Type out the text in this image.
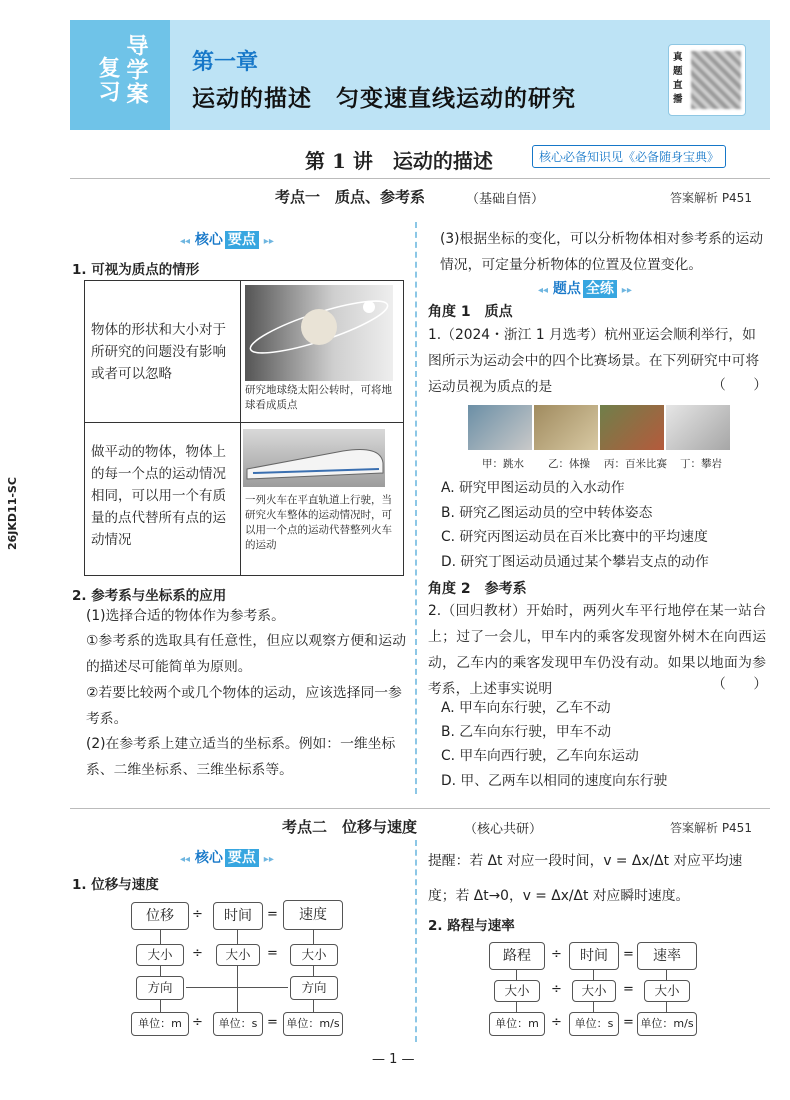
导学案
复习
第一章
运动的描述　匀变速直线运动的研究
真题直播
26JKD11-SC
第 1 讲　运动的描述	核心必备知识见《必备随身宝典》
考点一　质点、参考系	（基础自悟）	答案解析 P451
◂◂ 核心 要点 ▸▸
1. 可视为质点的情形
物体的形状和大小对于所研究的问题没有影响或者可以忽略
研究地球绕太阳公转时，可将地球看成质点
做平动的物体，物体上的每一个点的运动情况相同，可以用一个有质量的点代替所有点的运动情况
一列火车在平直轨道上行驶，当研究火车整体的运动情况时，可以用一个点的运动代替整列火车的运动
2. 参考系与坐标系的应用
(1)选择合适的物体作为参考系。
①参考系的选取具有任意性，但应以观察方便和运动的描述尽可能简单为原则。
②若要比较两个或几个物体的运动，应该选择同一参考系。
(2)在参考系上建立适当的坐标系。例如：一维坐标系、二维坐标系、三维坐标系等。
(3)根据坐标的变化，可以分析物体相对参考系的运动情况，可定量分析物体的位置及位置变化。
◂◂ 题点 全练 ▸▸
角度 1　质点
1.（2024・浙江 1 月选考）杭州亚运会顺利举行，如图所示为运动会中的四个比赛场景。在下列研究中可将运动员视为质点的是	（　　）
甲：跳水 乙：体操 丙：百米比赛 丁：攀岩
A. 研究甲图运动员的入水动作
B. 研究乙图运动员的空中转体姿态
C. 研究丙图运动员在百米比赛中的平均速度
D. 研究丁图运动员通过某个攀岩支点的动作
角度 2　参考系
2.（回归教材）开始时，两列火车平行地停在某一站台上；过了一会儿，甲车内的乘客发现窗外树木在向西运动，乙车内的乘客发现甲车仍没有动。如果以地面为参考系，上述事实说明	（　　）
A. 甲车向东行驶，乙车不动
B. 乙车向东行驶，甲车不动
C. 甲车向西行驶，乙车向东运动
D. 甲、乙两车以相同的速度向东行驶
考点二　位移与速度	（核心共研）	答案解析 P451
◂◂ 核心 要点 ▸▸
1. 位移与速度
位移	÷	时间	=	速度
大小	÷	大小	=	大小
方向	方向
单位：m ÷	单位：s = 单位：m/s
提醒：若 Δt 对应一段时间，v = Δx/Δt 对应平均速
度；若 Δt→0，v = Δx/Δt 对应瞬时速度。
2. 路程与速率
路程	÷	时间	=	速率
大小	÷	大小	=	大小
单位：m ÷	单位：s = 单位：m/s
— 1 —
